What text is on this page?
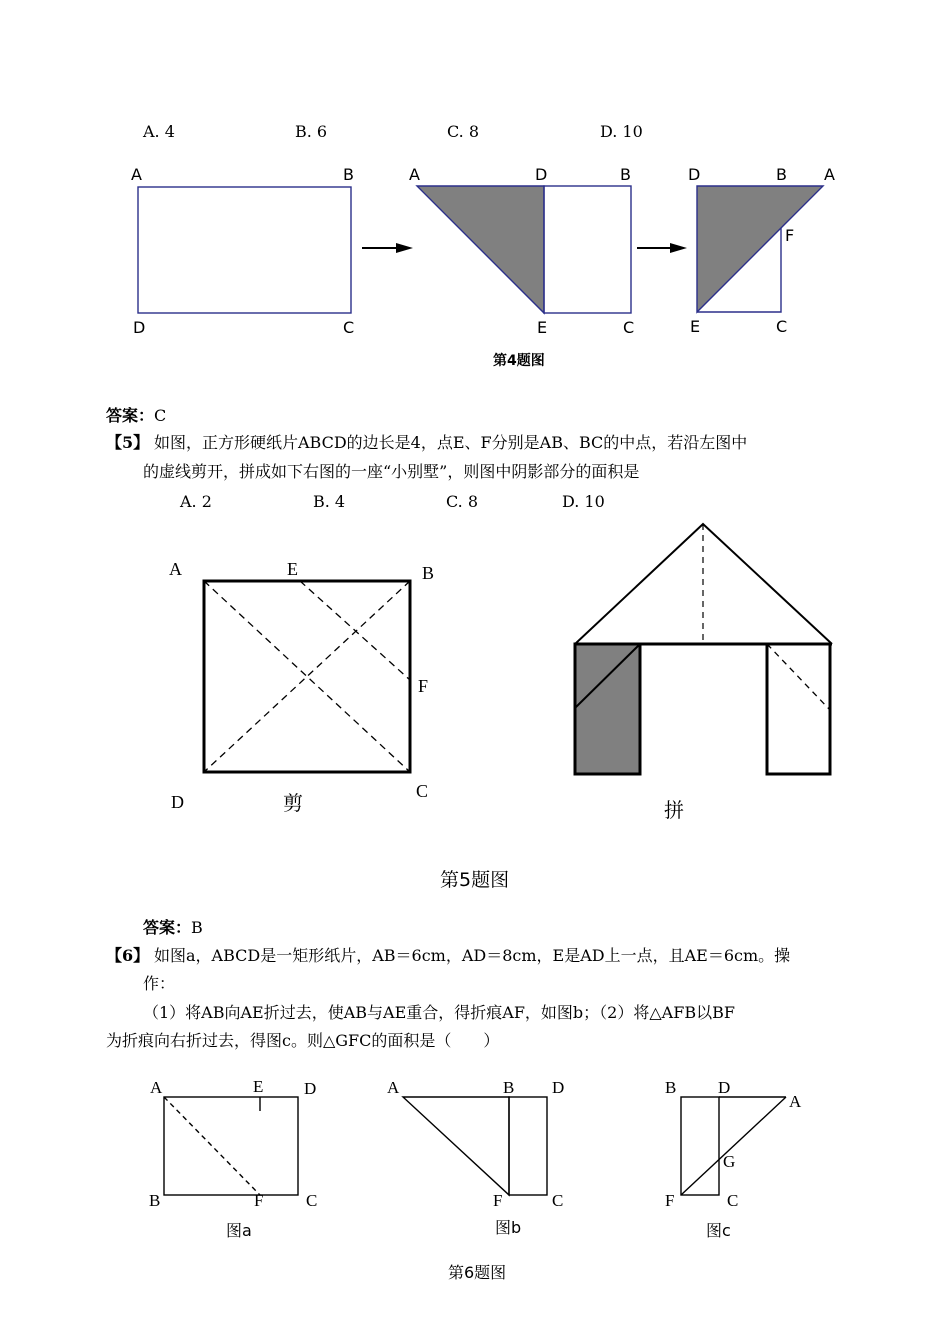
A. 4	B. 6	C. 8	D. 10
A	B
D	C
A	D	B
E	C
D	B A
F
E	C
第4题图
答案：C
【5】 如图，正方形硬纸片ABCD的边长是4，点E、F分别是AB、BC的中点，若沿左图中
的虚线剪开，拼成如下右图的一座“小别墅”，则图中阴影部分的面积是
A. 2	B. 4	C. 8	D. 10
A	E	B
F
D
C
剪	拼
第5题图
答案：B
【6】 如图a，ABCD是一矩形纸片，AB＝6cm，AD＝8cm，E是AD上一点，且AE＝6cm。操
作：
（1）将AB向AE折过去，使AB与AE重合，得折痕AF，如图b；（2）将△AFB以BF
为折痕向右折过去，得图c。则△GFC的面积是（　　）
A	E D
B	F	C
A	B D
F	C
B D
A
G
F	C
图a	图b	图c
第6题图
